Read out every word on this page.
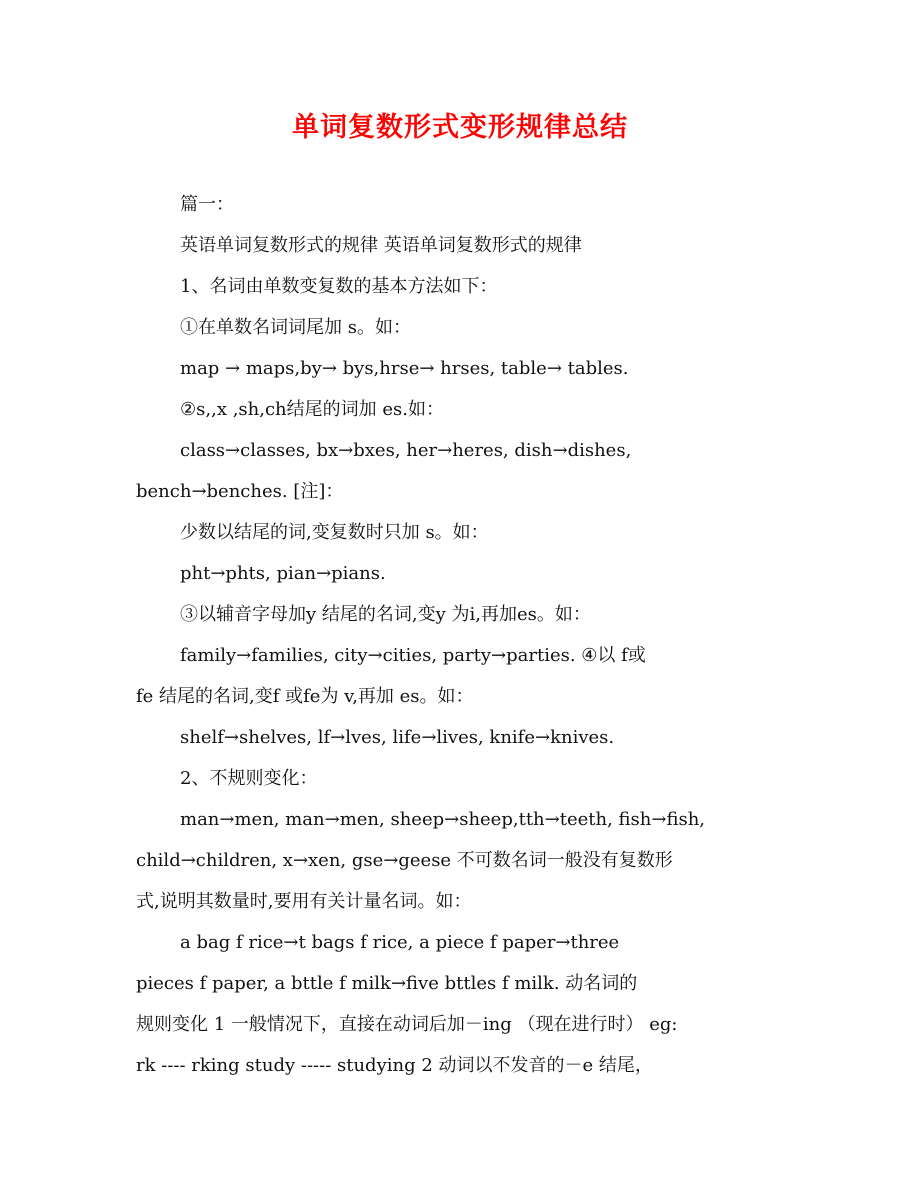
单词复数形式变形规律总结
篇一：
英语单词复数形式的规律 英语单词复数形式的规律
1、名词由单数变复数的基本方法如下：
①在单数名词词尾加 s。如：
map → maps,by→ bys,hrse→ hrses, table→ tables.
②s,,x ,sh,ch结尾的词加 es.如：
class→classes, bx→bxes, her→heres, dish→dishes,
bench→benches. [注]：
少数以结尾的词,变复数时只加 s。如：
pht→phts, pian→pians.
③以辅音字母加y 结尾的名词,变y 为i,再加es。如：
family→families, city→cities, party→parties. ④以 f或
fe 结尾的名词,变f 或fe为 v,再加 es。如：
shelf→shelves, lf→lves, life→lives, knife→knives.
2、不规则变化：
man→men, man→men, sheep→sheep,tth→teeth, fish→fish,
child→children, x→xen, gse→geese 不可数名词一般没有复数形
式,说明其数量时,要用有关计量名词。如：
a bag f rice→t bags f rice, a piece f paper→three
pieces f paper, a bttle f milk→five bttles f milk. 动名词的
规则变化 1 一般情况下，直接在动词后加－ing （现在进行时） eg:
rk ---- rking study ----- studying 2 动词以不发音的－e 结尾，
